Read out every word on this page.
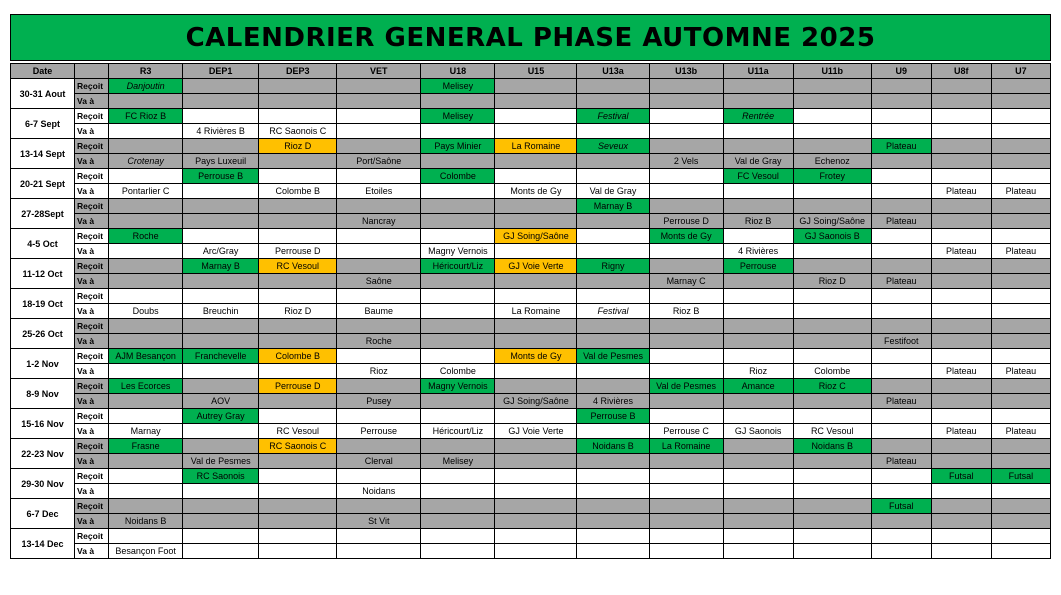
CALENDRIER GENERAL PHASE AUTOMNE 2025
Date		R3	DEP1	DEP3	VET	U18	U15	U13a	U13b	U11a	U11b	U9	U8f	U7
30-31 Aout	Reçoit	Danjoutin				Melisey								
	Va à													
6-7 Sept	Reçoit	FC Rioz B				Melisey		Festival		Rentrée				
	Va à		4 Rivières B	RC Saonois C										
13-14 Sept	Reçoit			Rioz D		Pays Minier	La Romaine	Seveux				Plateau		
	Va à	Crotenay	Pays Luxeuil		Port/Saône				2 Vels	Val de Gray	Echenoz			
20-21 Sept	Reçoit		Perrouse B			Colombe				FC Vesoul	Frotey			
	Va à	Pontarlier C		Colombe B	Etoiles		Monts de Gy	Val de Gray					Plateau	Plateau
27-28Sept	Reçoit							Marnay B						
	Va à				Nancray				Perrouse D	Rioz B	GJ Soing/Saône	Plateau		
4-5 Oct	Reçoit	Roche					GJ Soing/Saône		Monts de Gy		GJ Saonois B			
	Va à		Arc/Gray	Perrouse D		Magny Vernois				4 Rivières			Plateau	Plateau
11-12 Oct	Reçoit		Marnay B	RC Vesoul		Héricourt/Liz	GJ Voie Verte	Rigny		Perrouse				
	Va à				Saône				Marnay C		Rioz D	Plateau		
18-19 Oct	Reçoit													
	Va à	Doubs	Breuchin	Rioz D	Baume		La Romaine	Festival	Rioz B					
25-26 Oct	Reçoit													
	Va à				Roche							Festifoot		
1-2 Nov	Reçoit	AJM Besançon	Franchevelle	Colombe B			Monts de Gy	Val de Pesmes						
	Va à				Rioz	Colombe				Rioz	Colombe		Plateau	Plateau
8-9 Nov	Reçoit	Les Ecorces		Perrouse D		Magny Vernois			Val de Pesmes	Amance	Rioz C			
	Va à		AOV		Pusey		GJ Soing/Saône	4 Rivières				Plateau		
15-16 Nov	Reçoit		Autrey Gray					Perrouse B						
	Va à	Marnay		RC Vesoul	Perrouse	Héricourt/Liz	GJ Voie Verte		Perrouse C	GJ Saonois	RC Vesoul		Plateau	Plateau
22-23 Nov	Reçoit	Frasne		RC Saonois C				Noidans B	La Romaine		Noidans B			
	Va à		Val de Pesmes		Clerval	Melisey						Plateau		
29-30 Nov	Reçoit		RC Saonois										Futsal	Futsal
	Va à				Noidans									
6-7 Dec	Reçoit											Futsal		
	Va à	Noidans B			St Vit									
13-14 Dec	Reçoit													
	Va à	Besançon Foot												
